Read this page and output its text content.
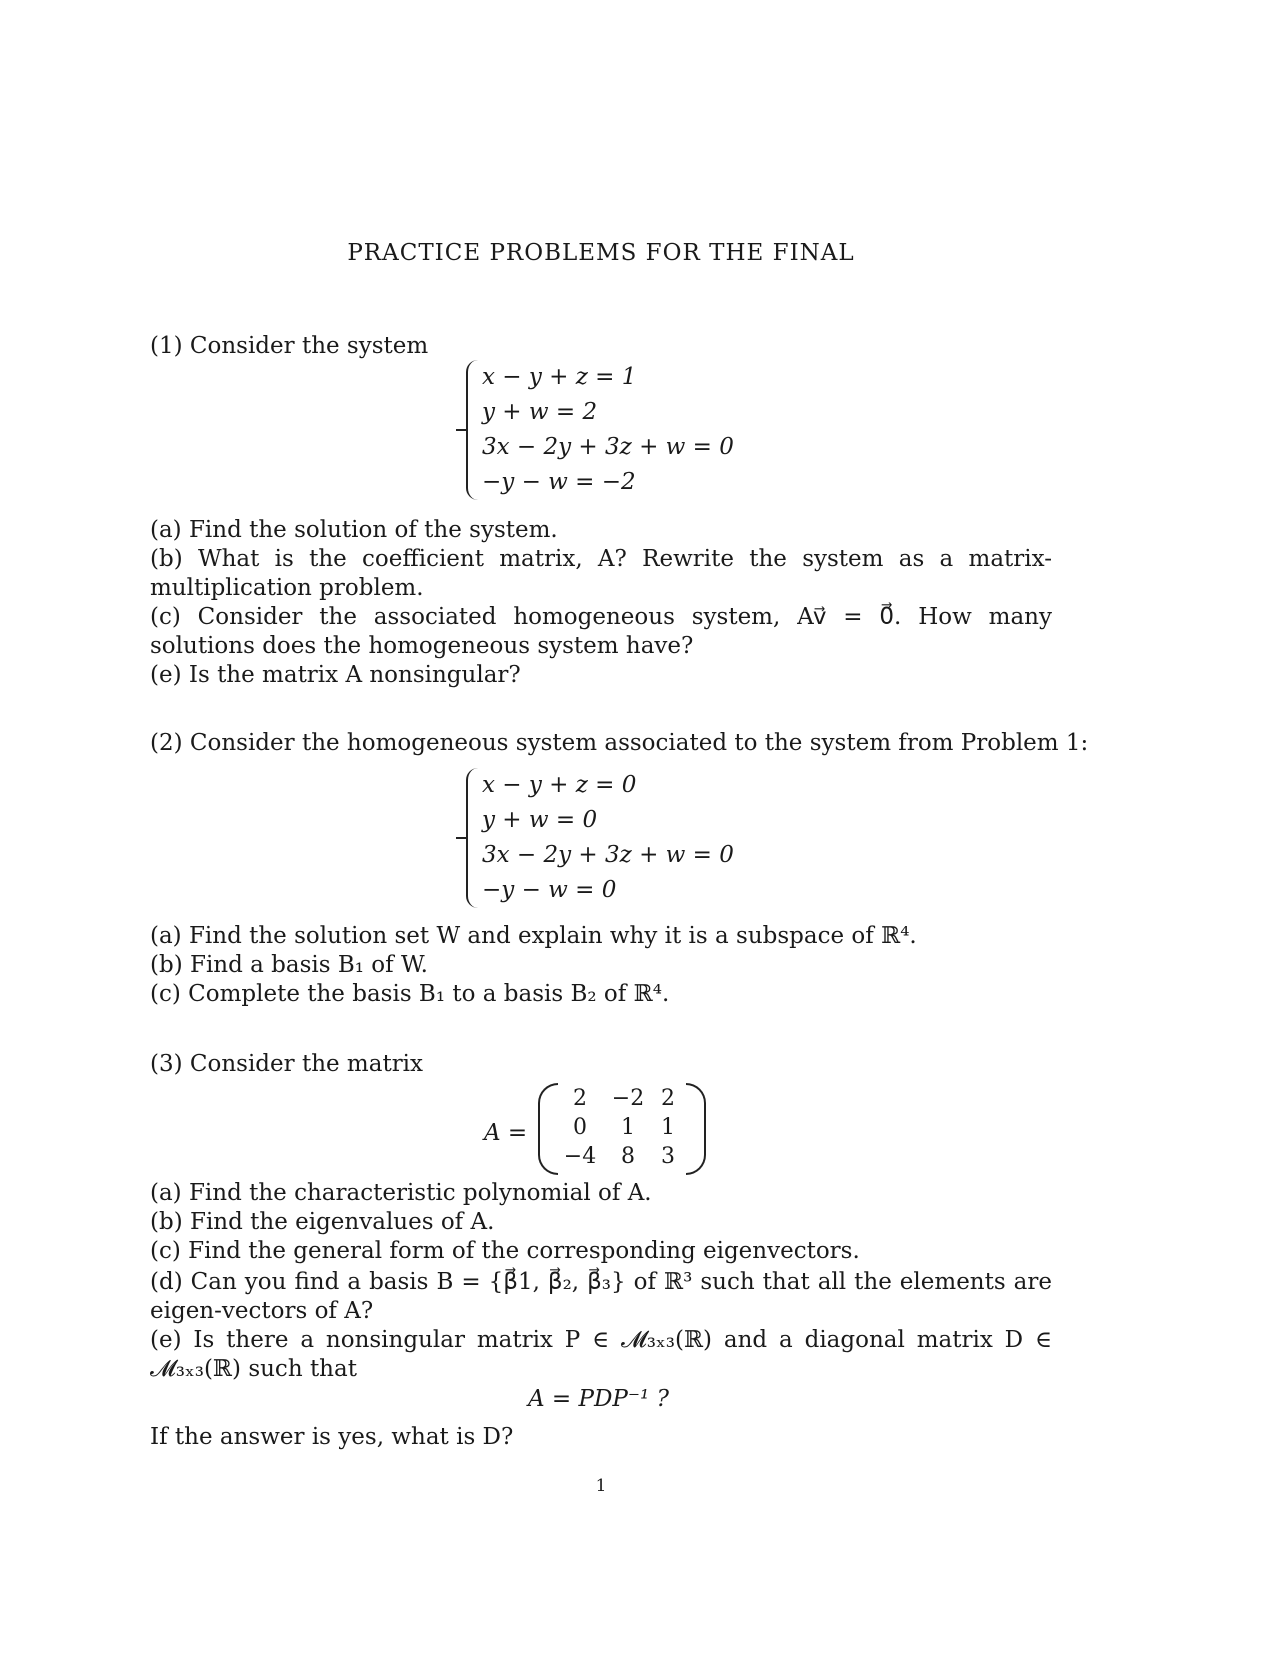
PRACTICE PROBLEMS FOR THE FINAL
(1) Consider the system
x − y + z = 1
y + w = 2
3x − 2y + 3z + w = 0
−y − w = −2
(a) Find the solution of the system.
(b) What is the coefficient matrix, A? Rewrite the system as a matrix-multiplication problem.
(c) Consider the associated homogeneous system, Av⃗ = 0⃗. How many solutions does the homogeneous system have?
(e) Is the matrix A nonsingular?
(2) Consider the homogeneous system associated to the system from Problem 1:
x − y + z = 0
y + w = 0
3x − 2y + 3z + w = 0
−y − w = 0
(a) Find the solution set W and explain why it is a subspace of ℝ⁴.
(b) Find a basis B₁ of W.
(c) Complete the basis B₁ to a basis B₂ of ℝ⁴.
(3) Consider the matrix
A =
2	−2	2
0	1	1
−4	8	3
(a) Find the characteristic polynomial of A.
(b) Find the eigenvalues of A.
(c) Find the general form of the corresponding eigenvectors.
(d) Can you find a basis B = {β⃗1, β⃗₂, β⃗₃} of ℝ³ such that all the elements are eigen-vectors of A?
(e) Is there a nonsingular matrix P ∈ 𝓜₃ₓ₃(ℝ) and a diagonal matrix D ∈ 𝓜₃ₓ₃(ℝ) such that
A = PDP⁻¹ ?
If the answer is yes, what is D?
1
